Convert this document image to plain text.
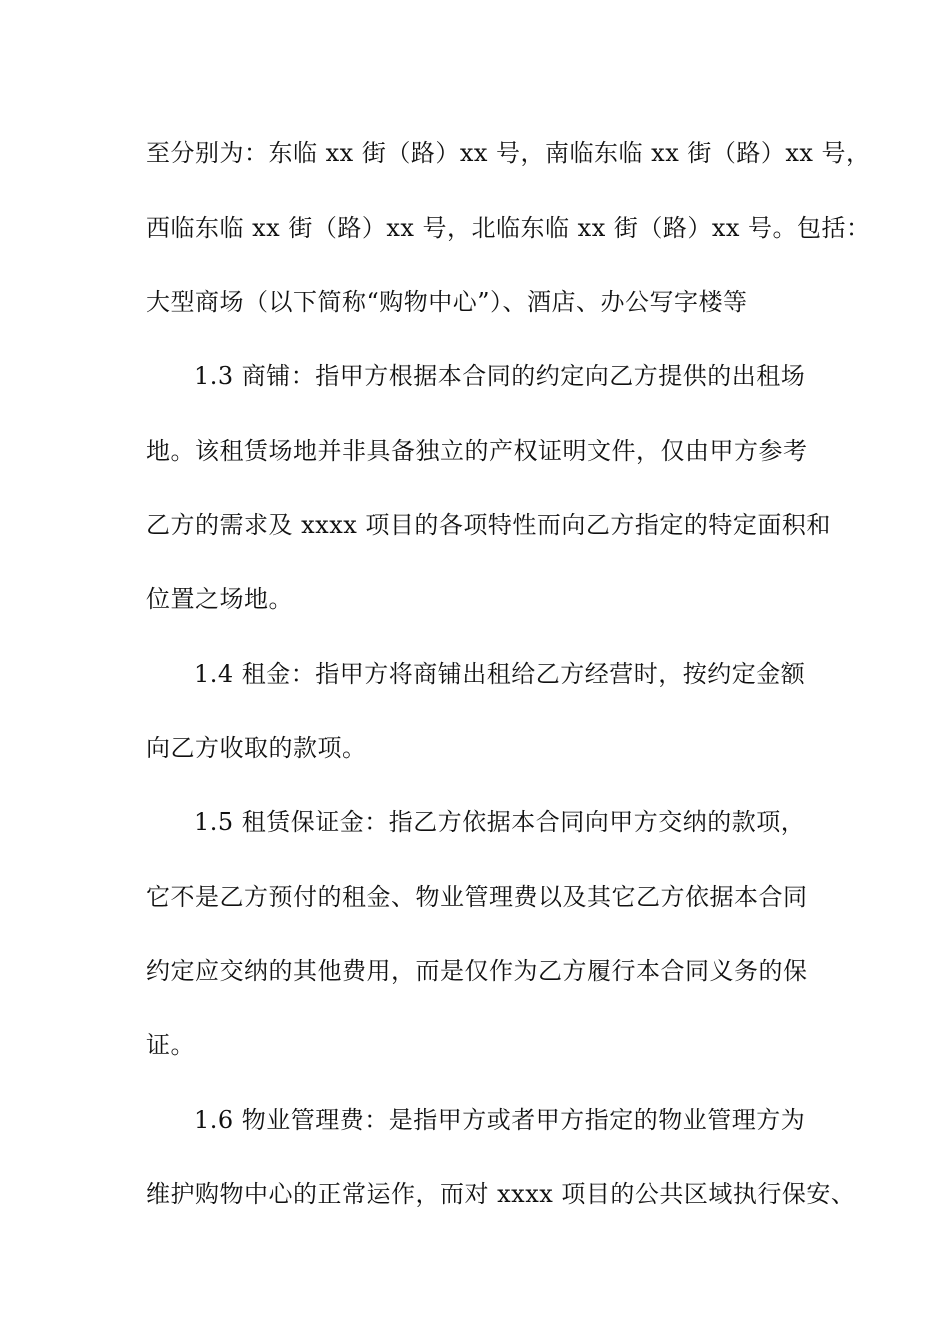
至分别为：东临 xx 街（路）xx 号，南临东临 xx 街（路）xx 号，
西临东临 xx 街（路）xx 号，北临东临 xx 街（路）xx 号。包括：
大型商场（以下简称“购物中心”）、酒店、办公写字楼等
1.3 商铺：指甲方根据本合同的约定向乙方提供的出租场
地。该租赁场地并非具备独立的产权证明文件，仅由甲方参考
乙方的需求及 xxxx 项目的各项特性而向乙方指定的特定面积和
位置之场地。
1.4 租金：指甲方将商铺出租给乙方经营时，按约定金额
向乙方收取的款项。
1.5 租赁保证金：指乙方依据本合同向甲方交纳的款项，
它不是乙方预付的租金、物业管理费以及其它乙方依据本合同
约定应交纳的其他费用，而是仅作为乙方履行本合同义务的保
证。
1.6 物业管理费：是指甲方或者甲方指定的物业管理方为
维护购物中心的正常运作，而对 xxxx 项目的公共区域执行保安、
